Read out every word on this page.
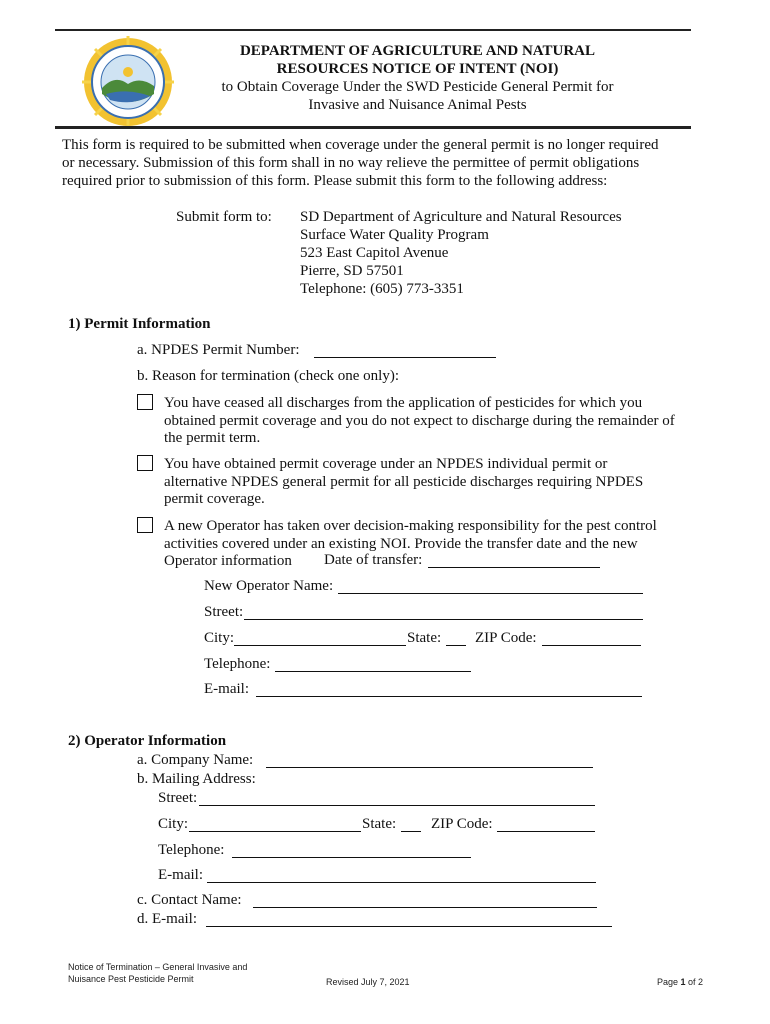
DEPARTMENT OF AGRICULTURE AND NATURAL
RESOURCES NOTICE OF INTENT (NOI)
to Obtain Coverage Under the SWD Pesticide General Permit for
Invasive and Nuisance Animal Pests
This form is required to be submitted when coverage under the general permit is no longer required
or necessary. Submission of this form shall in no way relieve the permittee of permit obligations
required prior to submission of this form. Please submit this form to the following address:
Submit form to: SD Department of Agriculture and Natural Resources
Surface Water Quality Program
523 East Capitol Avenue
Pierre, SD 57501
Telephone: (605) 773-3351
1) Permit Information
a. NPDES Permit Number:
b. Reason for termination (check one only):
You have ceased all discharges from the application of pesticides for which you
obtained permit coverage and you do not expect to discharge during the remainder of
the permit term.
You have obtained permit coverage under an NPDES individual permit or
alternative NPDES general permit for all pesticide discharges requiring NPDES
permit coverage.
A new Operator has taken over decision-making responsibility for the pest control
activities covered under an existing NOI. Provide the transfer date and the new
Operator information	Date of transfer:
New Operator Name:
Street:
City:	State: ZIP Code:
Telephone:
E-mail:
2) Operator Information
a. Company Name:
b. Mailing Address:
Street:
City:	State: ZIP Code:
Telephone:
E-mail:
c. Contact Name:
d. E-mail:
Notice of Termination – General Invasive and
Nuisance Pest Pesticide Permit	Revised July 7, 2021	Page 1 of 2
